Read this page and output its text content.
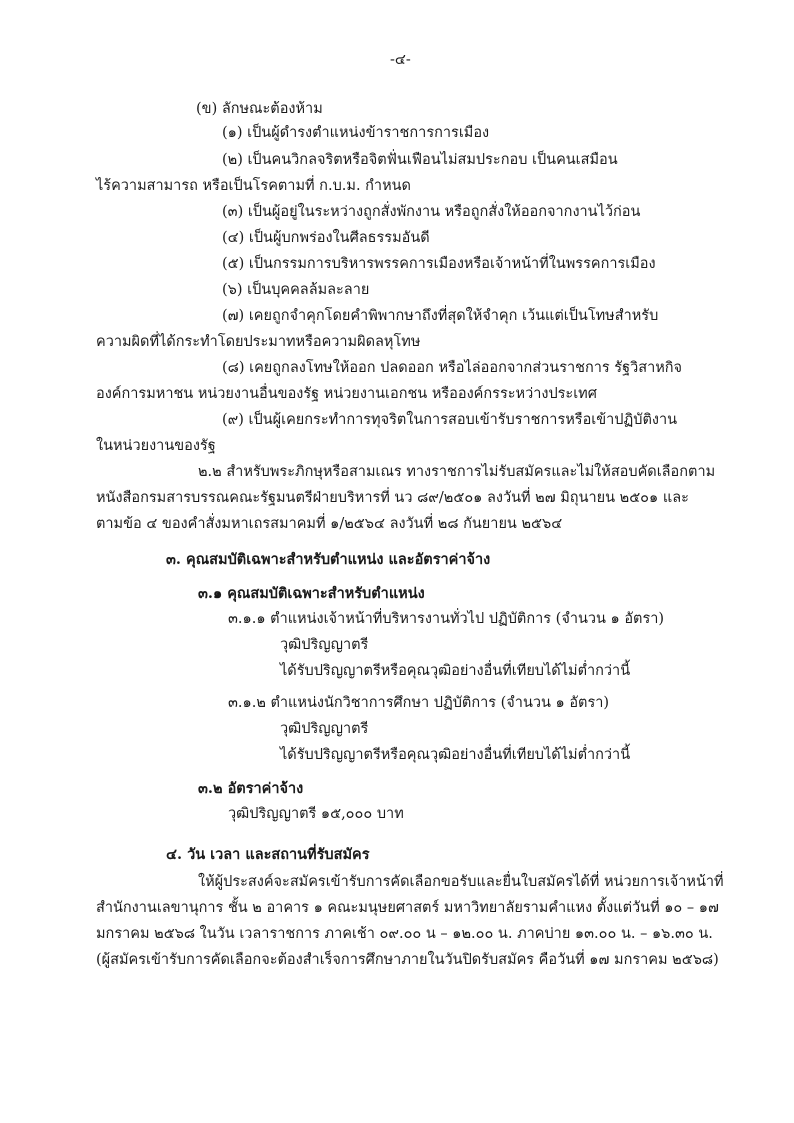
-๔-
(ข) ลักษณะต้องห้าม
(๑) เป็นผู้ดำรงตำแหน่งข้าราชการการเมือง
(๒) เป็นคนวิกลจริตหรือจิตฟั่นเฟือนไม่สมประกอบ เป็นคนเสมือน
ไร้ความสามารถ หรือเป็นโรคตามที่ ก.บ.ม. กำหนด
(๓) เป็นผู้อยู่ในระหว่างถูกสั่งพักงาน หรือถูกสั่งให้ออกจากงานไว้ก่อน
(๔) เป็นผู้บกพร่องในศีลธรรมอันดี
(๕) เป็นกรรมการบริหารพรรคการเมืองหรือเจ้าหน้าที่ในพรรคการเมือง
(๖) เป็นบุคคลล้มละลาย
(๗) เคยถูกจำคุกโดยคำพิพากษาถึงที่สุดให้จำคุก เว้นแต่เป็นโทษสำหรับ
ความผิดที่ได้กระทำโดยประมาทหรือความผิดลหุโทษ
(๘) เคยถูกลงโทษให้ออก ปลดออก หรือไล่ออกจากส่วนราชการ รัฐวิสาหกิจ
องค์การมหาชน หน่วยงานอื่นของรัฐ หน่วยงานเอกชน หรือองค์กรระหว่างประเทศ
(๙) เป็นผู้เคยกระทำการทุจริตในการสอบเข้ารับราชการหรือเข้าปฏิบัติงาน
ในหน่วยงานของรัฐ
๒.๒ สำหรับพระภิกษุหรือสามเณร ทางราชการไม่รับสมัครและไม่ให้สอบคัดเลือกตาม
หนังสือกรมสารบรรณคณะรัฐมนตรีฝ่ายบริหารที่ นว ๘๙/๒๕๐๑ ลงวันที่ ๒๗ มิถุนายน ๒๕๐๑ และ
ตามข้อ ๔ ของคำสั่งมหาเถรสมาคมที่ ๑/๒๕๖๔ ลงวันที่ ๒๘ กันยายน ๒๕๖๔
๓. คุณสมบัติเฉพาะสำหรับตำแหน่ง และอัตราค่าจ้าง
๓.๑ คุณสมบัติเฉพาะสำหรับตำแหน่ง
๓.๑.๑ ตำแหน่งเจ้าหน้าที่บริหารงานทั่วไป ปฏิบัติการ (จำนวน ๑ อัตรา)
วุฒิปริญญาตรี
ได้รับปริญญาตรีหรือคุณวุฒิอย่างอื่นที่เทียบได้ไม่ต่ำกว่านี้
๓.๑.๒ ตำแหน่งนักวิชาการศึกษา ปฏิบัติการ (จำนวน ๑ อัตรา)
วุฒิปริญญาตรี
ได้รับปริญญาตรีหรือคุณวุฒิอย่างอื่นที่เทียบได้ไม่ต่ำกว่านี้
๓.๒ อัตราค่าจ้าง
วุฒิปริญญาตรี ๑๕,๐๐๐ บาท
๔. วัน เวลา และสถานที่รับสมัคร
ให้ผู้ประสงค์จะสมัครเข้ารับการคัดเลือกขอรับและยื่นใบสมัครได้ที่ หน่วยการเจ้าหน้าที่
สำนักงานเลขานุการ ชั้น ๒ อาคาร ๑ คณะมนุษยศาสตร์ มหาวิทยาลัยรามคำแหง ตั้งแต่วันที่ ๑๐ – ๑๗
มกราคม ๒๕๖๘ ในวัน เวลาราชการ ภาคเช้า ๐๙.๐๐ น – ๑๒.๐๐ น. ภาคบ่าย ๑๓.๐๐ น. – ๑๖.๓๐ น.
(ผู้สมัครเข้ารับการคัดเลือกจะต้องสำเร็จการศึกษาภายในวันปิดรับสมัคร คือวันที่ ๑๗ มกราคม ๒๕๖๘)
